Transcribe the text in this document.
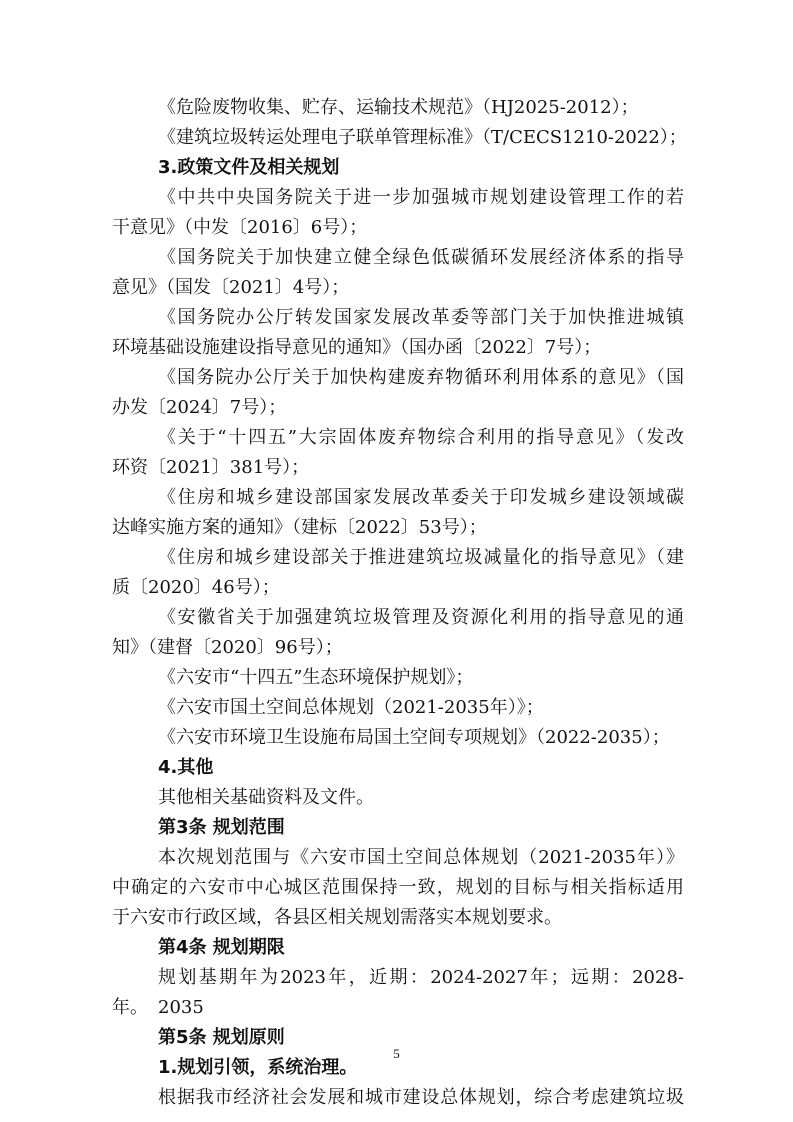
《危险废物收集、贮存、运输技术规范》（HJ2025-2012）；
《建筑垃圾转运处理电子联单管理标准》（T/CECS1210-2022）；
3.政策文件及相关规划
《中共中央国务院关于进一步加强城市规划建设管理工作的若
干意见》（中发〔2016〕6号）；
《国务院关于加快建立健全绿色低碳循环发展经济体系的指导
意见》（国发〔2021〕4号）；
《国务院办公厅转发国家发展改革委等部门关于加快推进城镇
环境基础设施建设指导意见的通知》（国办函〔2022〕7号）；
《国务院办公厅关于加快构建废弃物循环利用体系的意见》（国
办发〔2024〕7号）；
《关于“十四五”大宗固体废弃物综合利用的指导意见》（发改
环资〔2021〕381号）；
《住房和城乡建设部国家发展改革委关于印发城乡建设领域碳
达峰实施方案的通知》（建标〔2022〕53号）；
《住房和城乡建设部关于推进建筑垃圾减量化的指导意见》（建
质〔2020〕46号）；
《安徽省关于加强建筑垃圾管理及资源化利用的指导意见的通
知》（建督〔2020〕96号）；
《六安市“十四五”生态环境保护规划》；
《六安市国土空间总体规划（2021-2035年）》；
《六安市环境卫生设施布局国土空间专项规划》（2022-2035）；
4.其他
其他相关基础资料及文件。
第3条 规划范围
本次规划范围与《六安市国土空间总体规划（2021-2035年）》
中确定的六安市中心城区范围保持一致，规划的目标与相关指标适用
于六安市行政区域，各县区相关规划需落实本规划要求。
第4条 规划期限
规划基期年为2023年，近期：2024-2027年；远期：2028-2035
年。
第5条 规划原则
1.规划引领，系统治理。
根据我市经济社会发展和城市建设总体规划，综合考虑建筑垃圾
5
